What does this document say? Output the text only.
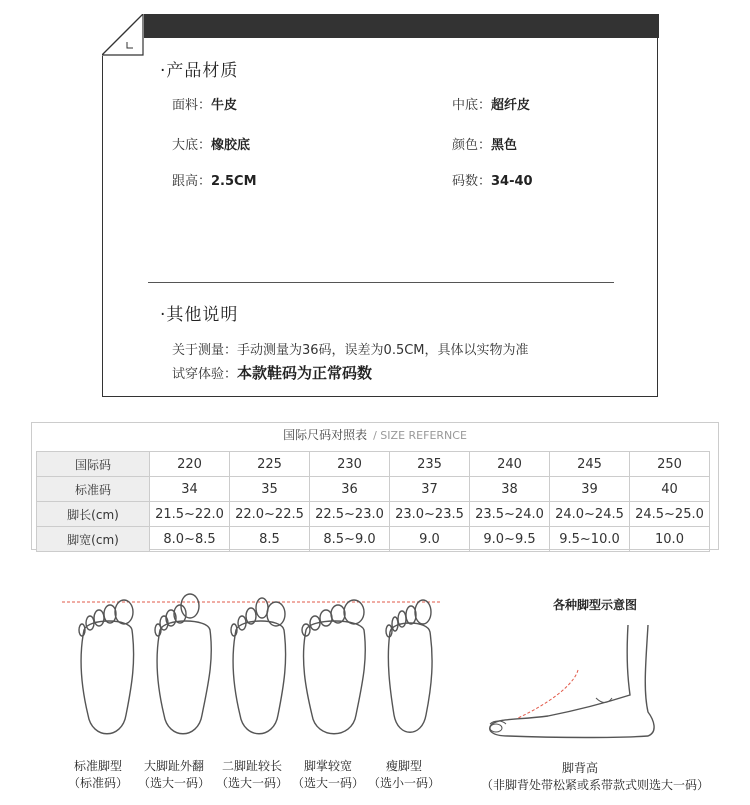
·产品材质
面料：牛皮	中底：超纤皮
大底：橡胶底	颜色：黑色
跟高：2.5CM	码数：34-40
·其他说明
关于测量：手动测量为36码，误差为0.5CM，具体以实物为准
试穿体验：本款鞋码为正常码数
国际尺码对照表 / SIZE REFERNCE
国际码	220	225	230	235	240	245	250
标准码	34	35	36	37	38	39	40
脚长(cm)	21.5~22.0	22.0~22.5	22.5~23.0	23.0~23.5	23.5~24.0	24.0~24.5	24.5~25.0
脚宽(cm)	8.0~8.5	8.5	8.5~9.0	9.0	9.0~9.5	9.5~10.0	10.0
标准脚型
（标准码）
大脚趾外翻
（选大一码）
二脚趾较长
（选大一码）
脚掌较宽
（选大一码）
瘦脚型
（选小一码）
各种脚型示意图
脚背高
（非脚背处带松紧或系带款式则选大一码）
